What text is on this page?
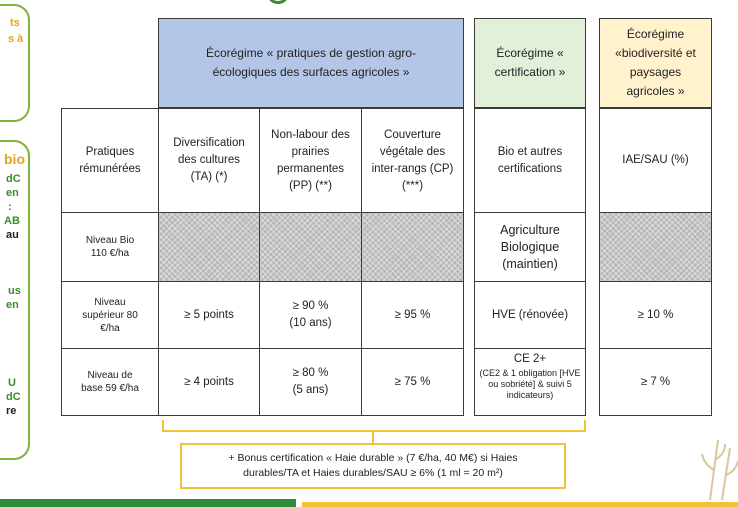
ts
s à
bio
dC
en
:
AB
au
us
en
U
dC
re
Écorégime « pratiques de gestion agro-écologiques des surfaces agricoles »
Écorégime « certification »
Écorégime «biodiversité et paysages agricoles »
Pratiques rémunérées
Diversification des cultures (TA) (*)
Non-labour des prairies permanentes (PP) (**)
Couverture végétale des inter-rangs (CP) (***)
Bio et autres certifications
IAE/SAU (%)
Niveau Bio 110 €/ha
Agriculture Biologique (maintien)
Niveau supérieur 80 €/ha
≥ 5 points
≥ 90 % (10 ans)
≥ 95 %	HVE (rénovée)	≥ 10 %
Niveau de base 59 €/ha
≥ 4 points
≥ 80 % (5 ans)
≥ 75 %
CE 2+
(CE2 & 1 obligation [HVE ou sobriété] & suivi 5 indicateurs)
≥ 7 %
+ Bonus certification « Haie durable » (7 €/ha, 40 M€) si Haies durables/TA et Haies durables/SAU ≥ 6% (1 ml = 20 m²)
